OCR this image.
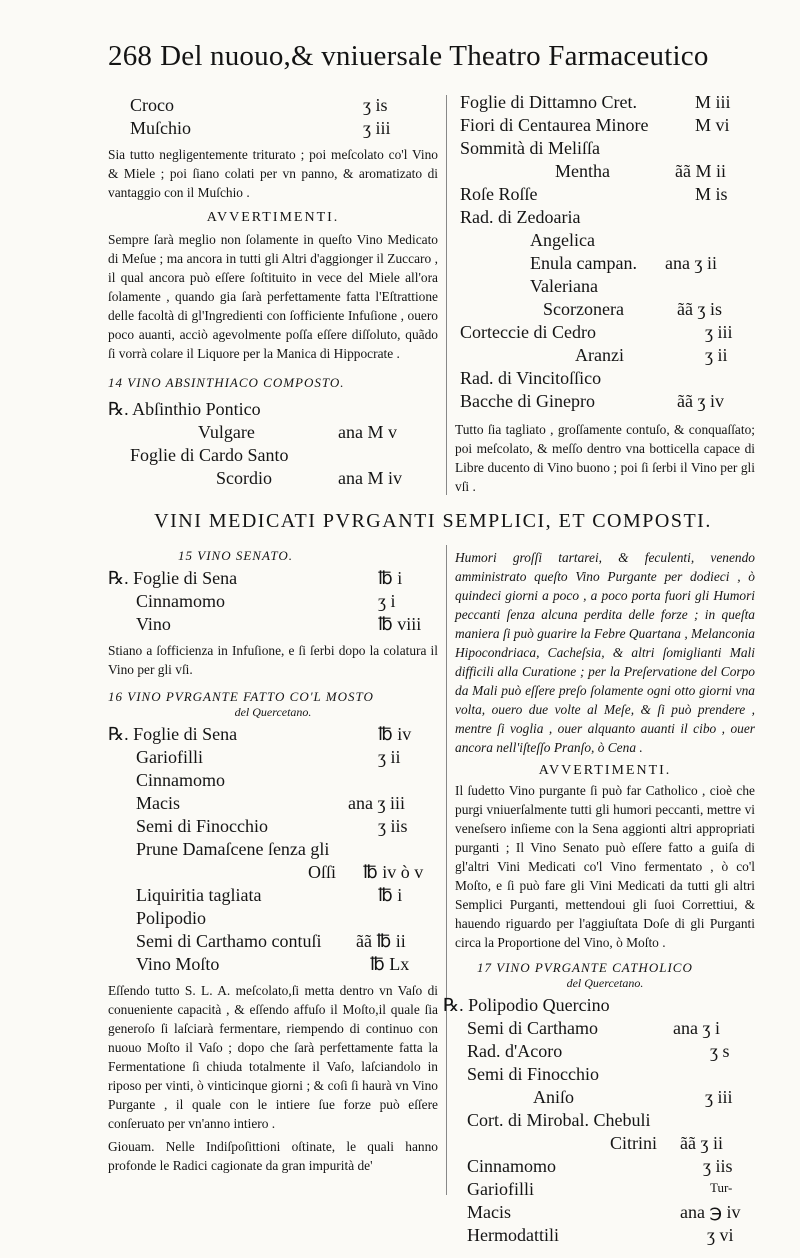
268 Del nuouo,& vniuersale Theatro Farmaceutico
Croco	ʒ is
Muſchio	ʒ iii

Sia tutto negligentemente triturato ; poi meſcolato co'l Vino & Miele ; poi ſiano colati per vn panno, & aromatizato di vantaggio con il Muſchio .

AVVERTIMENTI.

Sempre ſarà meglio non ſolamente in queſto Vino Medicato di Meſue ; ma ancora in tutti gli Altri d'aggionger il Zuccaro , il qual ancora può eſſere ſoſtituito in vece del Miele all'ora ſolamente , quando gia ſarà perfettamente fatta l'Eſtrattione delle facoltà di gl'Ingredienti con ſofficiente Infuſione , ouero poco auanti, acciò agevolmente poſſa eſſere diſſoluto, quãdo ſi vorrà colare il Liquore per la Manica di Hippocrate .

14 VINO ABSINTHIACO COMPOSTO.
℞. Abſinthio Pontico
Vulgare	ana M v
Foglie di Cardo Santo
Scordio	ana M iv
Foglie di Dittamno Cret.	M iii
Fiori di Centaurea Minore	M vi
Sommità di Meliſſa
Mentha	ãã M ii
Roſe Roſſe	M is
Rad. di Zedoaria
Angelica
Enula campan. ana ʒ ii
Valeriana
Scorzonera	ãã ʒ is
Corteccie di Cedro	ʒ iii
Aranzi	ʒ ii
Rad. di Vincitoſſico
Bacche di Ginepro	ãã ʒ iv

Tutto ſia tagliato , groſſamente contuſo, & conquaſſato; poi meſcolato, & meſſo dentro vna botticella capace di Libre ducento di Vino buono ; poi ſi ſerbi il Vino per gli vſi .

VINI MEDICATI PVRGANTI SEMPLICI, ET COMPOSTI.
15 VINO SENATO.
℞. Foglie di Sena	℔ i
Cinnamomo	ʒ i
Vino	℔ viii

Stiano a ſofficienza in Infuſione, e ſi ſerbi dopo la colatura il Vino per gli vſi.

16 VINO PVRGANTE FATTO CO'L MOSTO
del Quercetano.
℞. Foglie di Sena	℔ iv
Gariofilli	ʒ ii
Cinnamomo
Macis	ana ʒ iii
Semi di Finocchio	ʒ iis
Prune Damaſcene ſenza gli
Oſſi ℔ iv ò v
Liquiritia tagliata	℔ i
Polipodio
Semi di Carthamo contuſi ãã ℔ ii
Vino Moſto	℔ Lx

Eſſendo tutto S. L. A. meſcolato,ſi metta dentro vn Vaſo di conueniente capacità , & eſſendo affuſo il Moſto,il quale ſia generoſo ſi laſciarà fermentare, riempendo di continuo con nuouo Moſto il Vaſo ; dopo che ſarà perfettamente fatta la Fermentatione ſi chiuda totalmente il Vaſo, laſciandolo in riposo per vinti, ò vinticinque giorni ; & coſi ſi haurà vn Vino Purgante , il quale con le intiere ſue forze può eſſere conſeruato per vn'anno intiero .

Giouam. Nelle Indiſpoſittioni oſtinate, le quali hanno profonde le Radici cagionate da gran impurità de'

Humori groſſi tartarei, & feculenti, venendo amministrato queſto Vino Purgante per dodieci , ò quindeci giorni a poco , a poco porta fuori gli Humori peccanti ſenza alcuna perdita delle forze ; in queſta maniera ſi può guarire la Febre Quartana , Melanconia Hipocondriaca, Cacheſsia, & altri ſomiglianti Mali difficili alla Curatione ; per la Preſervatione del Corpo da Mali può eſſere preſo ſolamente ogni otto giorni vna volta, ouero due volte al Meſe, & ſi può prendere , mentre ſi voglia , ouer alquanto auanti il cibo , ouer ancora nell'iſteſſo Pranſo, ò Cena .

AVVERTIMENTI.

Il ſudetto Vino purgante ſi può far Catholico , cioè che purgi vniuerſalmente tutti gli humori peccanti, mettre vi veneſsero inſieme con la Sena aggionti altri appropriati purganti ; Il Vino Senato può eſſere fatto a guiſa di gl'altri Vini Medicati co'l Vino fermentato , ò co'l Moſto, e ſi può fare gli Vini Medicati da tutti gli altri Semplici Purganti, mettendoui gli ſuoi Correttiui, & hauendo riguardo per l'aggiuſtata Doſe di gli Purganti circa la Proportione del Vino, ò Moſto .

17 VINO PVRGANTE CATHOLICO
del Quercetano.
℞. Polipodio Quercino
Semi di Carthamo	ana ʒ i
Rad. d'Acoro	ʒ s
Semi di Finocchio
Aniſo	ʒ iii
Cort. di Mirobal. Chebuli
Citrini ãã ʒ ii
Cinnamomo	ʒ iis
Gariofilli
Macis	ana ℈ iv
Hermodattili	ʒ vi
Tur-
